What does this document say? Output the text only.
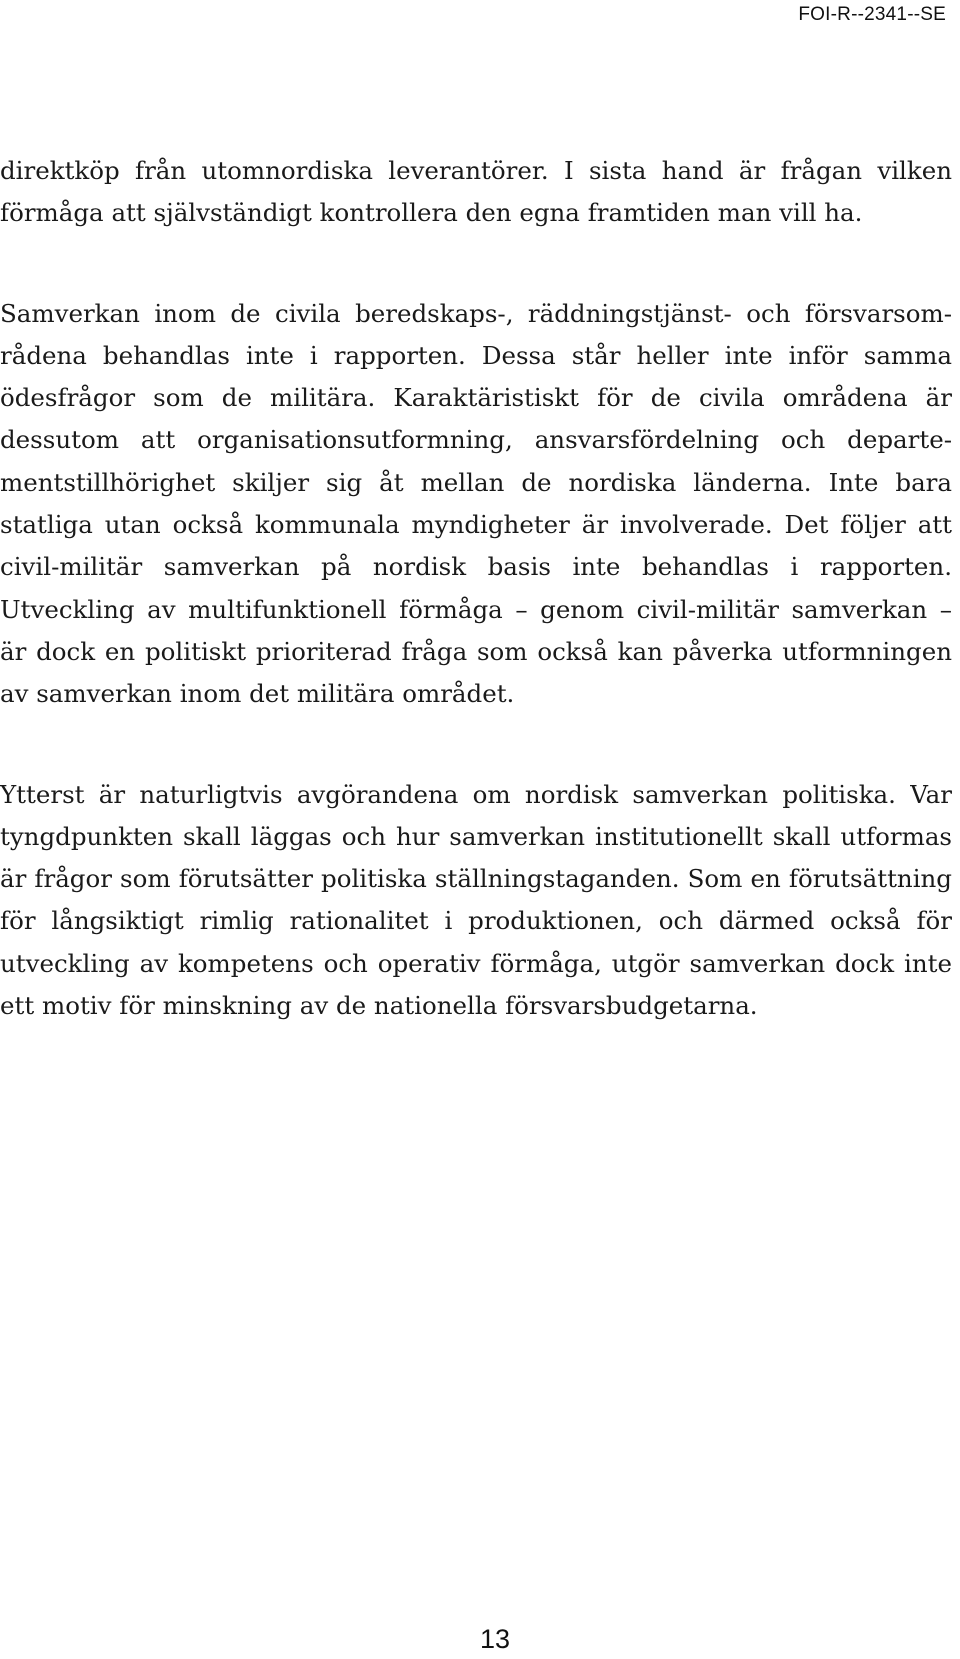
FOI-R--2341--SE
direktköp från utomnordiska leverantörer. I sista hand är frågan vilken
förmåga att självständigt kontrollera den egna framtiden man vill ha.
Samverkan inom de civila beredskaps-, räddningstjänst- och försvarsom-
rådena behandlas inte i rapporten. Dessa står heller inte inför samma
ödesfrågor som de militära. Karaktäristiskt för de civila områdena är
dessutom att organisationsutformning, ansvarsfördelning och departe-
mentstillhörighet skiljer sig åt mellan de nordiska länderna. Inte bara
statliga utan också kommunala myndigheter är involverade. Det följer att
civil-militär samverkan på nordisk basis inte behandlas i rapporten.
Utveckling av multifunktionell förmåga – genom civil-militär samverkan –
är dock en politiskt prioriterad fråga som också kan påverka utformningen
av samverkan inom det militära området.
Ytterst är naturligtvis avgörandena om nordisk samverkan politiska. Var
tyngdpunkten skall läggas och hur samverkan institutionellt skall utformas
är frågor som förutsätter politiska ställningstaganden. Som en förutsättning
för långsiktigt rimlig rationalitet i produktionen, och därmed också för
utveckling av kompetens och operativ förmåga, utgör samverkan dock inte
ett motiv för minskning av de nationella försvarsbudgetarna.
13
